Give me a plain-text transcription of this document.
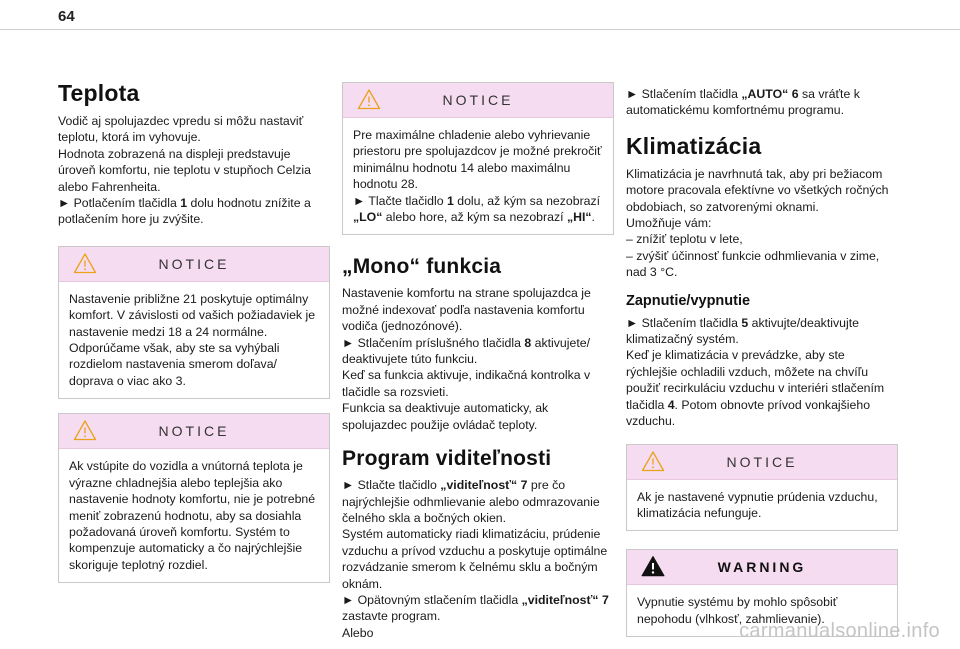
64
Teplota

Vodič aj spolujazdec vpredu si môžu nastaviť teplotu, ktorá im vyhovuje.
Hodnota zobrazená na displeji predstavuje úroveň komfortu, nie teplotu v stupňoch Celzia alebo Fahrenheita.
► Potlačením tlačidla 1 dolu hodnotu znížite a potlačením hore ju zvýšite.

NOTICE

Nastavenie približne 21 poskytuje optimálny komfort. V závislosti od vašich požiadaviek je nastavenie medzi 18 a 24 normálne. Odporúčame však, aby ste sa vyhýbali rozdielom nastavenia smerom doľava/ doprava o viac ako 3.

NOTICE

Ak vstúpite do vozidla a vnútorná teplota je výrazne chladnejšia alebo teplejšia ako nastavenie hodnoty komfortu, nie je potrebné meniť zobrazenú hodnotu, aby sa dosiahla požadovaná úroveň komfortu. Systém to kompenzuje automaticky a čo najrýchlejšie skoriguje teplotný rozdiel.

NOTICE

Pre maximálne chladenie alebo vyhrievanie priestoru pre spolujazdcov je možné prekročiť minimálnu hodnotu 14 alebo maximálnu hodnotu 28.
► Tlačte tlačidlo 1 dolu, až kým sa nezobrazí „LO“ alebo hore, až kým sa nezobrazí „HI“.

„Mono“ funkcia

Nastavenie komfortu na strane spolujazdca je možné indexovať podľa nastavenia komfortu vodiča (jednozónové).
► Stlačením príslušného tlačidla 8 aktivujete/ deaktivujete túto funkciu.
Keď sa funkcia aktivuje, indikačná kontrolka v tlačidle sa rozsvieti.
Funkcia sa deaktivuje automaticky, ak spolujazdec použije ovládač teploty.

Program viditeľnosti

► Stlačte tlačidlo „viditeľnosť“ 7 pre čo najrýchlejšie odhmlievanie alebo odmrazovanie čelného skla a bočných okien.
Systém automaticky riadi klimatizáciu, prúdenie vzduchu a prívod vzduchu a poskytuje optimálne rozvádzanie smerom k čelnému sklu a bočným oknám.
► Opätovným stlačením tlačidla „viditeľnosť“ 7 zastavte program.
Alebo

► Stlačením tlačidla „AUTO“ 6 sa vráťte k automatickému komfortnému programu.

Klimatizácia

Klimatizácia je navrhnutá tak, aby pri bežiacom motore pracovala efektívne vo všetkých ročných obdobiach, so zatvorenými oknami.
Umožňuje vám:
– znížiť teplotu v lete,
– zvýšiť účinnosť funkcie odhmlievania v zime, nad 3 °C.

Zapnutie/vypnutie

► Stlačením tlačidla 5 aktivujte/deaktivujte klimatizačný systém.
Keď je klimatizácia v prevádzke, aby ste rýchlejšie ochladili vzduch, môžete na chvíľu použiť recirkuláciu vzduchu v interiéri stlačením tlačidla 4. Potom obnovte prívod vonkajšieho vzduchu.

NOTICE

Ak je nastavené vypnutie prúdenia vzduchu, klimatizácia nefunguje.

WARNING

Vypnutie systému by mohlo spôsobiť nepohodu (vlhkosť, zahmlievanie).

carmanualsonline.info
